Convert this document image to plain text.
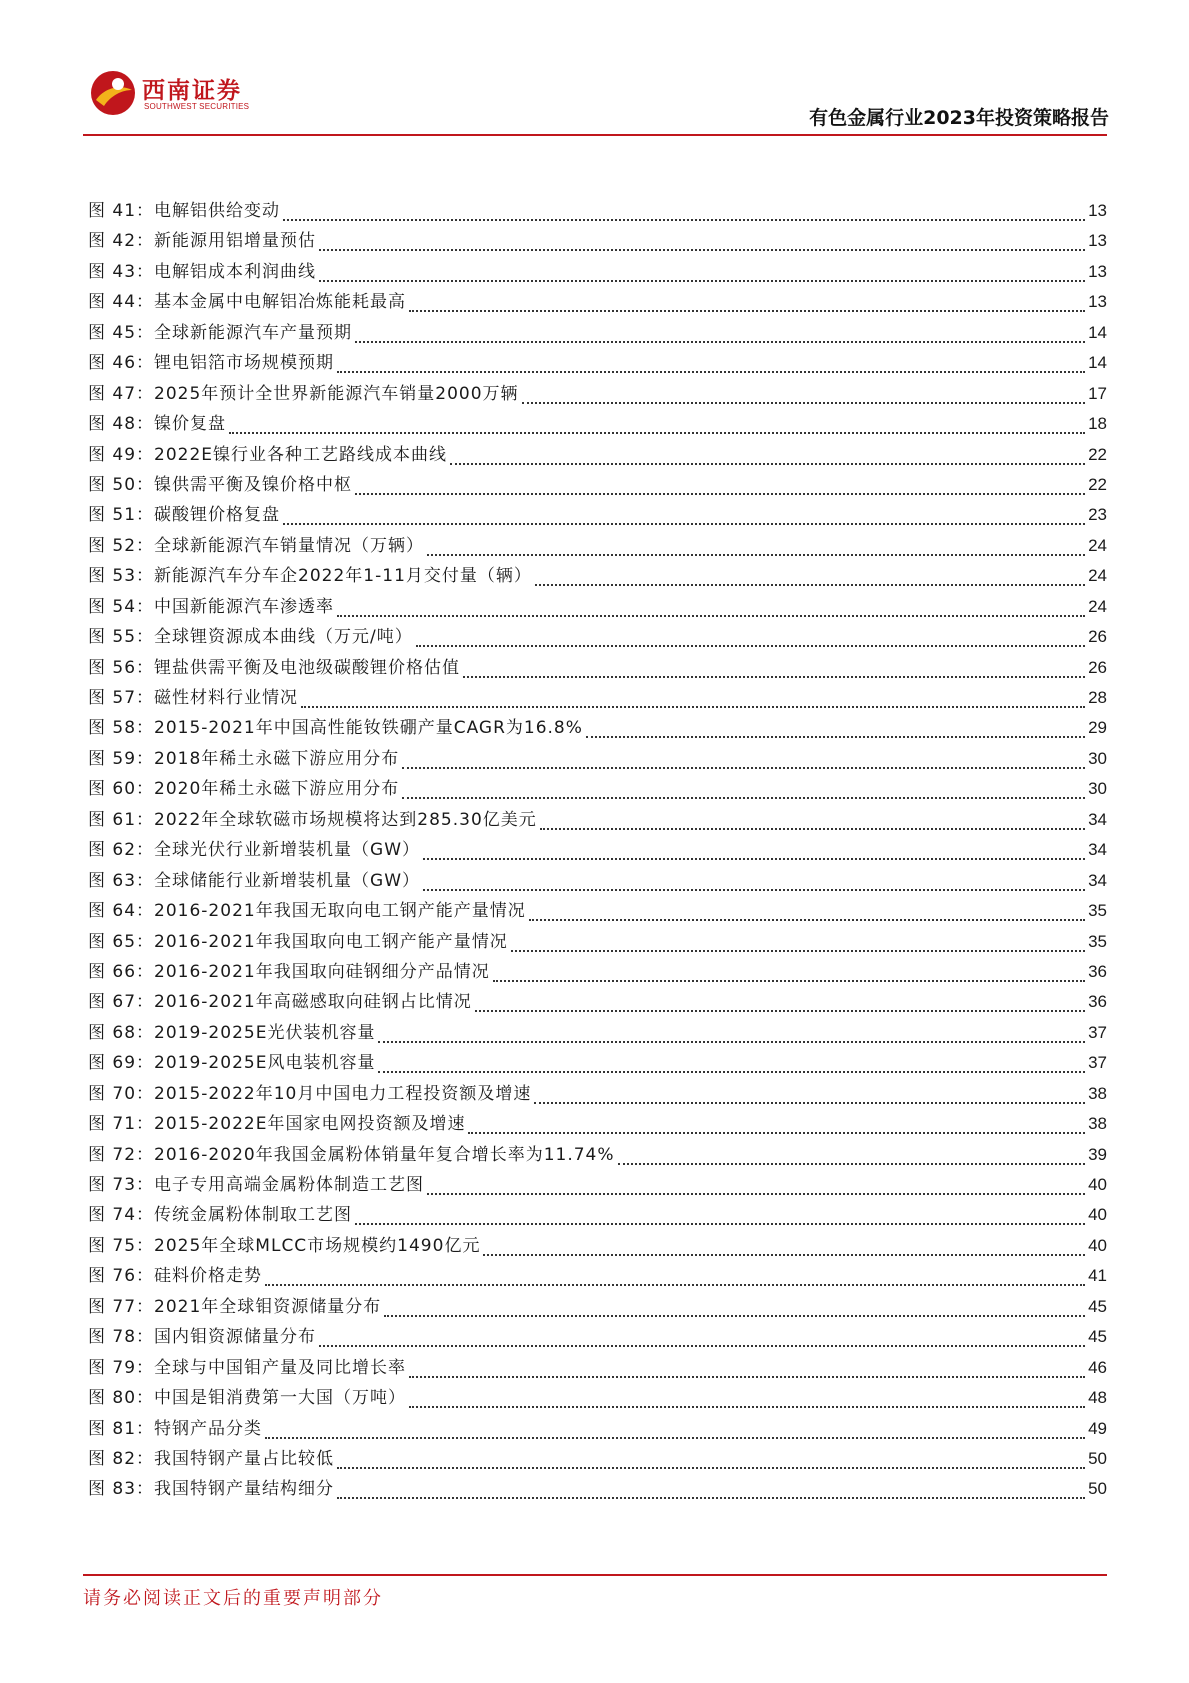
西南证券
SOUTHWEST SECURITIES
有色金属行业2023年投资策略报告
图 41：电解铝供给变动	13
图 42：新能源用铝增量预估	13
图 43：电解铝成本利润曲线	13
图 44：基本金属中电解铝冶炼能耗最高	13
图 45：全球新能源汽车产量预期	14
图 46：锂电铝箔市场规模预期	14
图 47：2025年预计全世界新能源汽车销量2000万辆	17
图 48：镍价复盘	18
图 49：2022E镍行业各种工艺路线成本曲线	22
图 50：镍供需平衡及镍价格中枢	22
图 51：碳酸锂价格复盘	23
图 52：全球新能源汽车销量情况（万辆）	24
图 53：新能源汽车分车企2022年1-11月交付量（辆）	24
图 54：中国新能源汽车渗透率	24
图 55：全球锂资源成本曲线（万元/吨）	26
图 56：锂盐供需平衡及电池级碳酸锂价格估值	26
图 57：磁性材料行业情况	28
图 58：2015-2021年中国高性能钕铁硼产量CAGR为16.8%	29
图 59：2018年稀土永磁下游应用分布	30
图 60：2020年稀土永磁下游应用分布	30
图 61：2022年全球软磁市场规模将达到285.30亿美元	34
图 62：全球光伏行业新增装机量（GW）	34
图 63：全球储能行业新增装机量（GW）	34
图 64：2016-2021年我国无取向电工钢产能产量情况	35
图 65：2016-2021年我国取向电工钢产能产量情况	35
图 66：2016-2021年我国取向硅钢细分产品情况	36
图 67：2016-2021年高磁感取向硅钢占比情况	36
图 68：2019-2025E光伏装机容量	37
图 69：2019-2025E风电装机容量	37
图 70：2015-2022年10月中国电力工程投资额及增速	38
图 71：2015-2022E年国家电网投资额及增速	38
图 72：2016-2020年我国金属粉体销量年复合增长率为11.74%	39
图 73：电子专用高端金属粉体制造工艺图	40
图 74：传统金属粉体制取工艺图	40
图 75：2025年全球MLCC市场规模约1490亿元	40
图 76：硅料价格走势	41
图 77：2021年全球钼资源储量分布	45
图 78：国内钼资源储量分布	45
图 79：全球与中国钼产量及同比增长率	46
图 80：中国是钼消费第一大国（万吨）	48
图 81：特钢产品分类	49
图 82：我国特钢产量占比较低	50
图 83：我国特钢产量结构细分	50
请务必阅读正文后的重要声明部分
